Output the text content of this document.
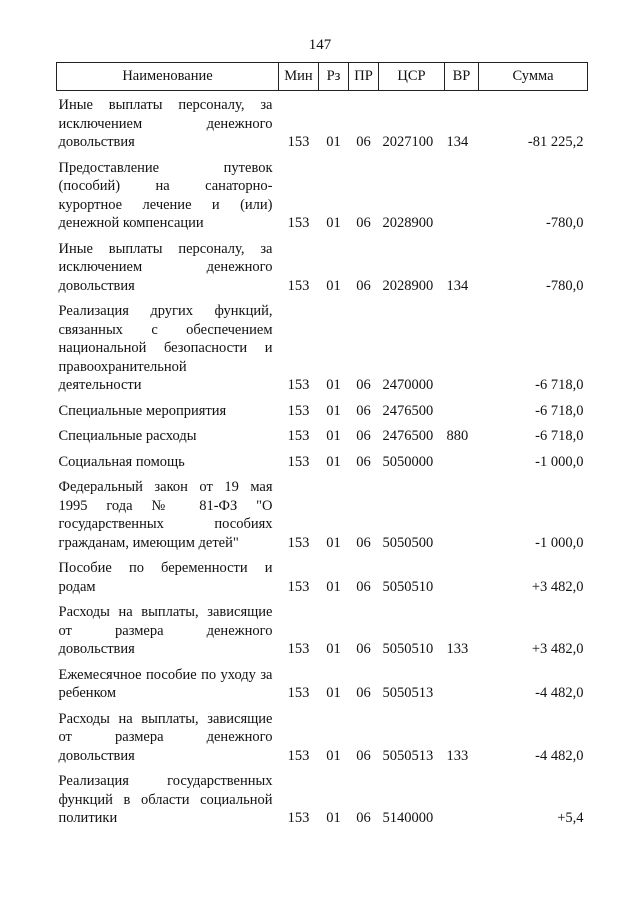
147
Наименование	Мин	Рз	ПР	ЦСР	ВР	Сумма
Иные выплаты персоналу, за исключением денежного довольствия	153	01	06	2027100	134	-81 225,2
Предоставление путевок (пособий) на санаторно-курортное лечение и (или) денежной компенсации	153	01	06	2028900		-780,0
Иные выплаты персоналу, за исключением денежного довольствия	153	01	06	2028900	134	-780,0
Реализация других функций, связанных с обеспечением национальной безопасности и правоохранительной деятельности	153	01	06	2470000		-6 718,0
Специальные мероприятия	153	01	06	2476500		-6 718,0
Специальные расходы	153	01	06	2476500	880	-6 718,0
Социальная помощь	153	01	06	5050000		-1 000,0
Федеральный закон от 19 мая 1995 года № 81-ФЗ "О государственных пособиях гражданам, имеющим детей"	153	01	06	5050500		-1 000,0
Пособие по беременности и родам	153	01	06	5050510		+3 482,0
Расходы на выплаты, зависящие от размера денежного довольствия	153	01	06	5050510	133	+3 482,0
Ежемесячное пособие по уходу за ребенком	153	01	06	5050513		-4 482,0
Расходы на выплаты, зависящие от размера денежного довольствия	153	01	06	5050513	133	-4 482,0
Реализация государственных функций в области социальной политики	153	01	06	5140000		+5,4
